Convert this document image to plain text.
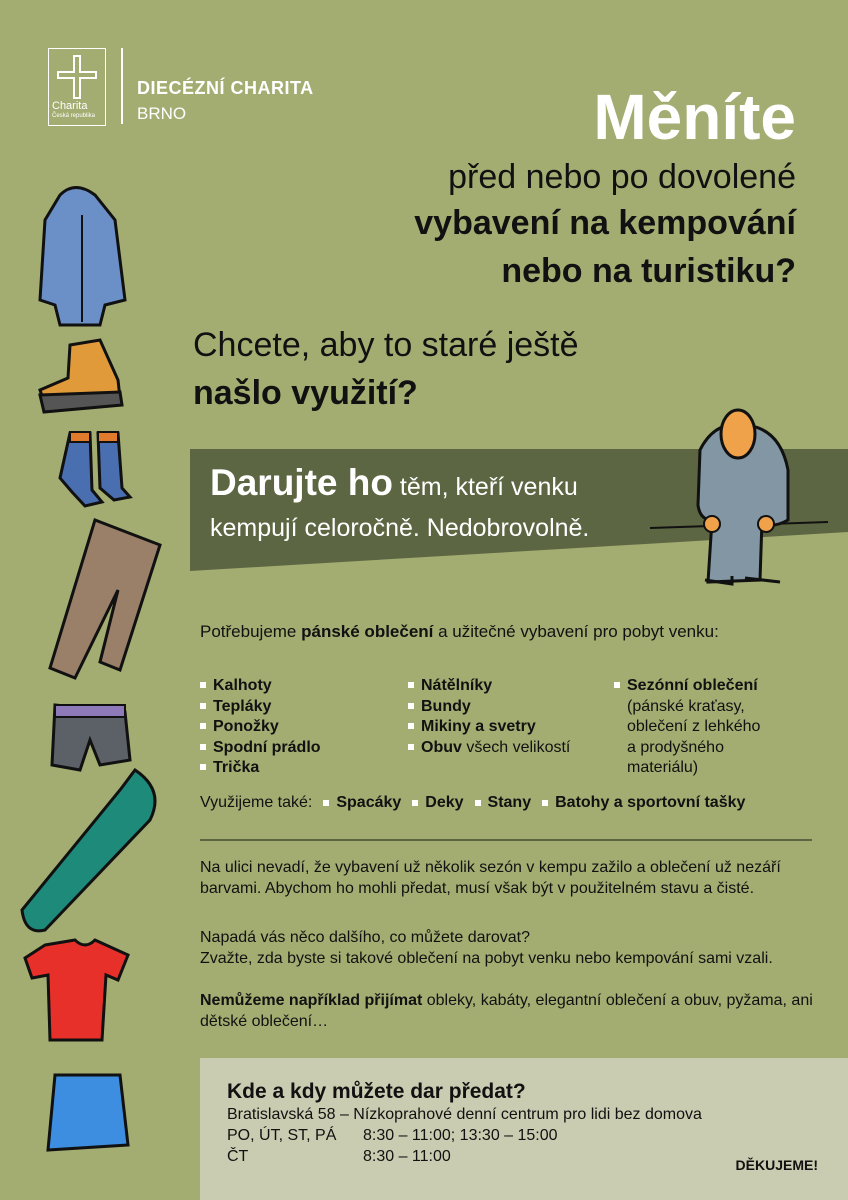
Charita
Česká republika
DIECÉZNÍ CHARITA
BRNO	Měníte
před nebo po dovolené
vybavení na kempování
nebo na turistiku?
Chcete, aby to staré ještě
našlo využití?
Darujte ho těm, kteří venku
kempují celoročně. Nedobrovolně.
Potřebujeme pánské oblečení a užitečné vybavení pro pobyt venku:
Kalhoty
Tepláky
Ponožky
Spodní prádlo
Trička
Nátělníky
Bundy
Mikiny a svetry
Obuv všech velikostí
Sezónní oblečení
(pánské kraťasy,
oblečení z lehkého
a prodyšného
materiálu)
Využijeme také: Spacáky Deky Stany Batohy a sportovní tašky
Na ulici nevadí, že vybavení už několik sezón v kempu zažilo a oblečení už nezáří barvami. Abychom ho mohli předat, musí však být v použitelném stavu a čisté.
Napadá vás něco dalšího, co můžete darovat?
Zvažte, zda byste si takové oblečení na pobyt venku nebo kempování sami vzali.
Nemůžeme například přijímat obleky, kabáty, elegantní oblečení a obuv, pyžama, ani dětské oblečení…
Kde a kdy můžete dar předat?
Bratislavská 58 – Nízkoprahové denní centrum pro lidi bez domova
PO, ÚT, ST, PÁ 8:30 – 11:00; 13:30 – 15:00
ČT	8:30 – 11:00	DĚKUJEME!
